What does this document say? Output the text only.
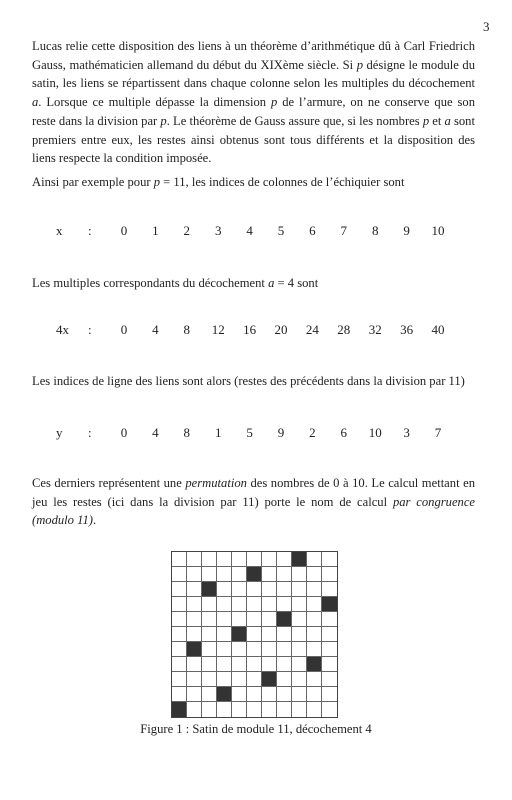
3

Lucas relie cette disposition des liens à un théorème d’arithmétique dû à Carl Friedrich Gauss, mathématicien allemand du début du XIXème siècle. Si p désigne le module du satin, les liens se répartissent dans chaque colonne selon les multiples du décochement a. Lorsque ce multiple dépasse la dimension p de l’armure, on ne conserve que son reste dans la division par p. Le théorème de Gauss assure que, si les nombres p et a sont premiers entre eux, les restes ainsi obtenus sont tous différents et la disposition des liens respecte la condition imposée.

Ainsi par exemple pour p = 11, les indices de colonnes de l’échiquier sont

x : 0 1 2 3 4 5 6 7 8 9 10

Les multiples correspondants du décochement a = 4 sont

4x : 0 4 8 12 16 20 24 28 32 36 40

Les indices de ligne des liens sont alors (restes des précédents dans la division par 11)

y : 0 4 8 1 5 9 2 6 10 3 7

Ces derniers représentent une permutation des nombres de 0 à 10. Le calcul mettant en jeu les restes (ici dans la division par 11) porte le nom de calcul par congruence (modulo 11).

Figure 1 : Satin de module 11, décochement 4
